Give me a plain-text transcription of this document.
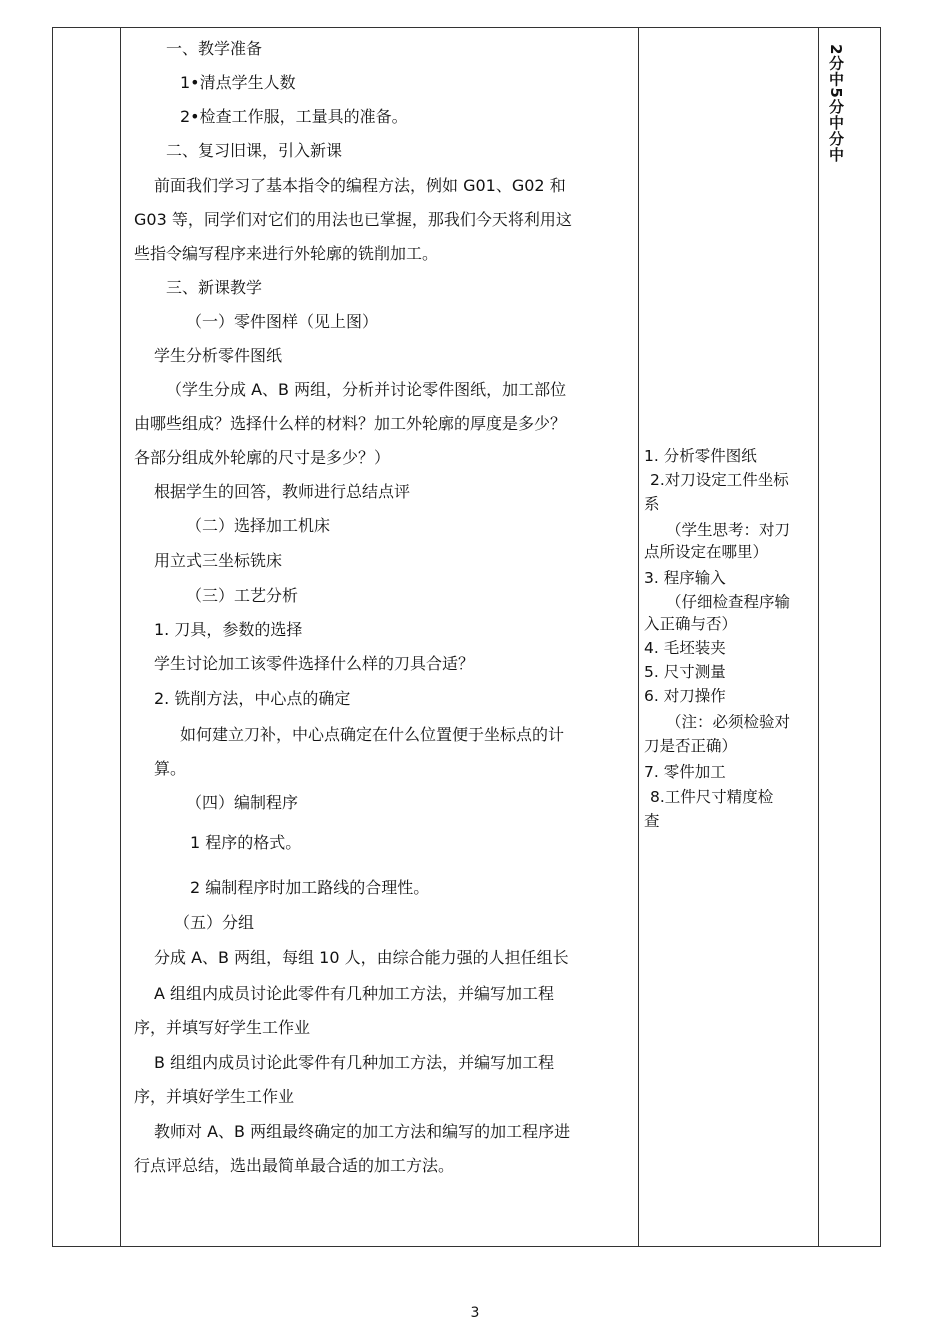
一、教学准备
1•清点学生人数
2•检查工作服，工量具的准备。
二、复习旧课，引入新课
前面我们学习了基本指令的编程方法，例如 G01、G02 和
G03 等，同学们对它们的用法也已掌握，那我们今天将利用这
些指令编写程序来进行外轮廓的铣削加工。
三、新课教学
（一）零件图样（见上图）
学生分析零件图纸
（学生分成 A、B 两组，分析并讨论零件图纸，加工部位
由哪些组成？选择什么样的材料？加工外轮廓的厚度是多少？
各部分组成外轮廓的尺寸是多少？）
根据学生的回答，教师进行总结点评
（二）选择加工机床
用立式三坐标铣床
（三）工艺分析
1. 刀具，参数的选择
学生讨论加工该零件选择什么样的刀具合适？
2. 铣削方法，中心点的确定
如何建立刀补，中心点确定在什么位置便于坐标点的计
算。
（四）编制程序
1 程序的格式。
2 编制程序时加工路线的合理性。
（五）分组
分成 A、B 两组，每组 10 人，由综合能力强的人担任组长
A 组组内成员讨论此零件有几种加工方法，并编写加工程
序，并填写好学生工作业
B 组组内成员讨论此零件有几种加工方法，并编写加工程
序，并填好学生工作业
教师对 A、B 两组最终确定的加工方法和编写的加工程序进
行点评总结，选出最简单最合适的加工方法。
1. 分析零件图纸
2.对刀设定工件坐标
系
（学生思考：对刀
点所设定在哪里）
3. 程序输入
（仔细检查程序输
入正确与否）
4. 毛坯装夹
5. 尺寸测量
6. 对刀操作
（注：必须检验对
刀是否正确）
7. 零件加工
8.工件尺寸精度检
查
2分中5分中分中
3
